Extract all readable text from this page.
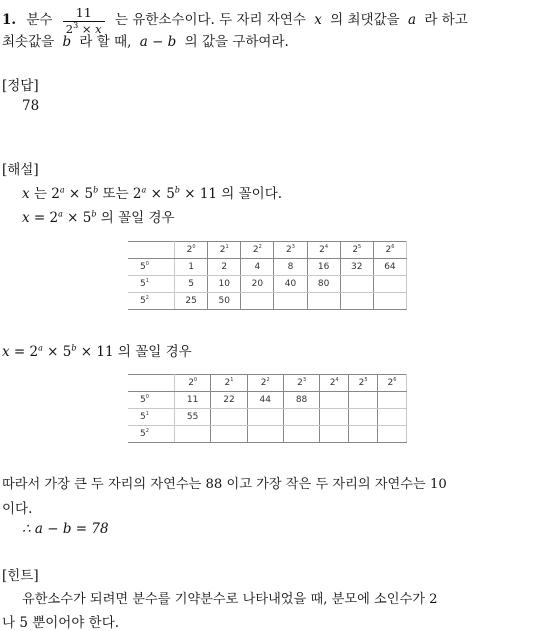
1. 분수 $\frac{11}{2^3 \times x}$ 는 유한소수이다. 두 자리 자연수 x 의 최댓값을 a 라 하고
최솟값을 b 라 할 때, a − b 의 값을 구하여라.
[정답]
78
[해설]
x 는 $2^a \times 5^b$ 또는 $2^a \times 5^b \times 11$ 의 꼴이다.
$x = 2^a \times 5^b$ 의 꼴일 경우
	$2^0$	$2^1$	$2^2$	$2^3$	$2^4$	$2^5$	$2^6$
$5^0$	1	2	4	8	16	32	64
$5^1$	5	10	20	40	80		
$5^2$	25	50					
$x = 2^a \times 5^b \times 11$ 의 꼴일 경우
	$2^0$	$2^1$	$2^2$	$2^3$	$2^4$	$2^5$	$2^6$
$5^0$	11	22	44	88			
$5^1$	55						
$5^2$							
따라서 가장 큰 두 자리의 자연수는 88 이고 가장 작은 두 자리의 자연수는 10
이다.
∴ a − b = 78
[힌트]
유한소수가 되려면 분수를 기약분수로 나타내었을 때, 분모에 소인수가 2
나 5 뿐이어야 한다.
